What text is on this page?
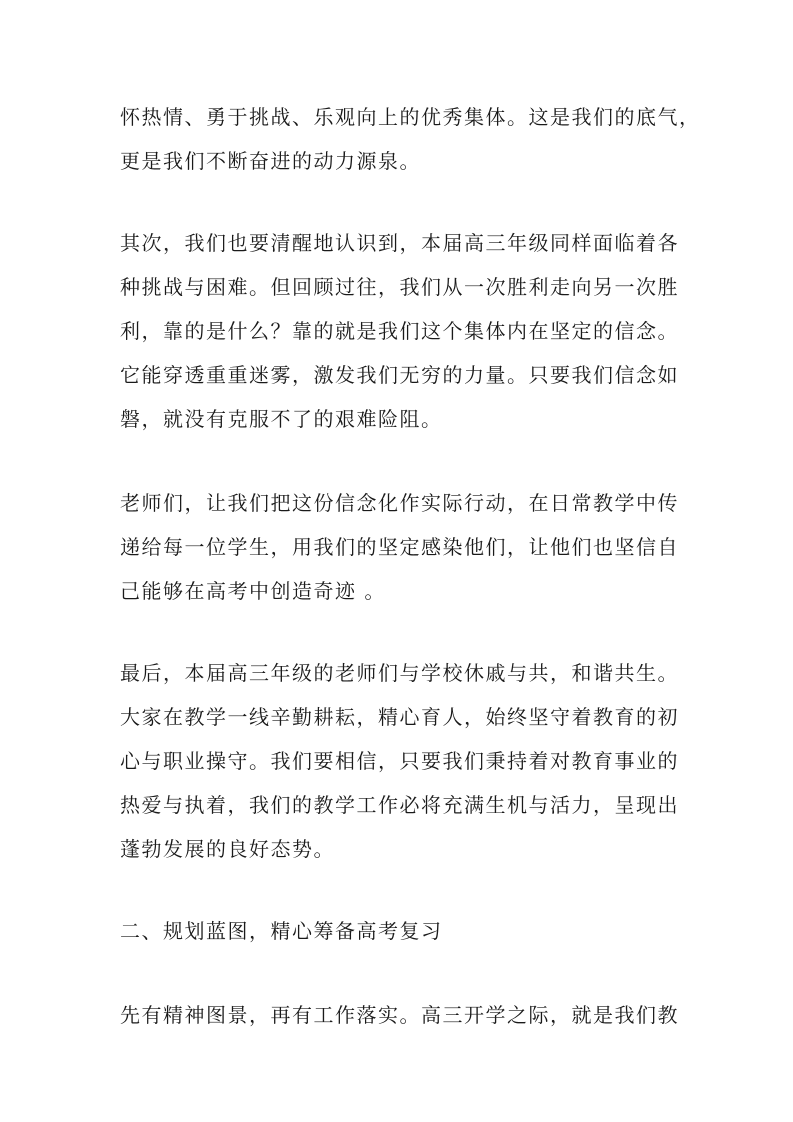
怀热情、勇于挑战、乐观向上的优秀集体。这是我们的底气，

更是我们不断奋进的动力源泉。

其次，我们也要清醒地认识到，本届高三年级同样面临着各

种挑战与困难。但回顾过往，我们从一次胜利走向另一次胜

利，靠的是什么？靠的就是我们这个集体内在坚定的信念。

它能穿透重重迷雾，激发我们无穷的力量。只要我们信念如

磐，就没有克服不了的艰难险阻。

老师们，让我们把这份信念化作实际行动，在日常教学中传

递给每一位学生，用我们的坚定感染他们，让他们也坚信自

己能够在高考中创造奇迹 。

最后，本届高三年级的老师们与学校休戚与共，和谐共生。

大家在教学一线辛勤耕耘，精心育人，始终坚守着教育的初

心与职业操守。我们要相信，只要我们秉持着对教育事业的

热爱与执着，我们的教学工作必将充满生机与活力，呈现出

蓬勃发展的良好态势。

二、规划蓝图，精心筹备高考复习

先有精神图景，再有工作落实。高三开学之际，就是我们教
